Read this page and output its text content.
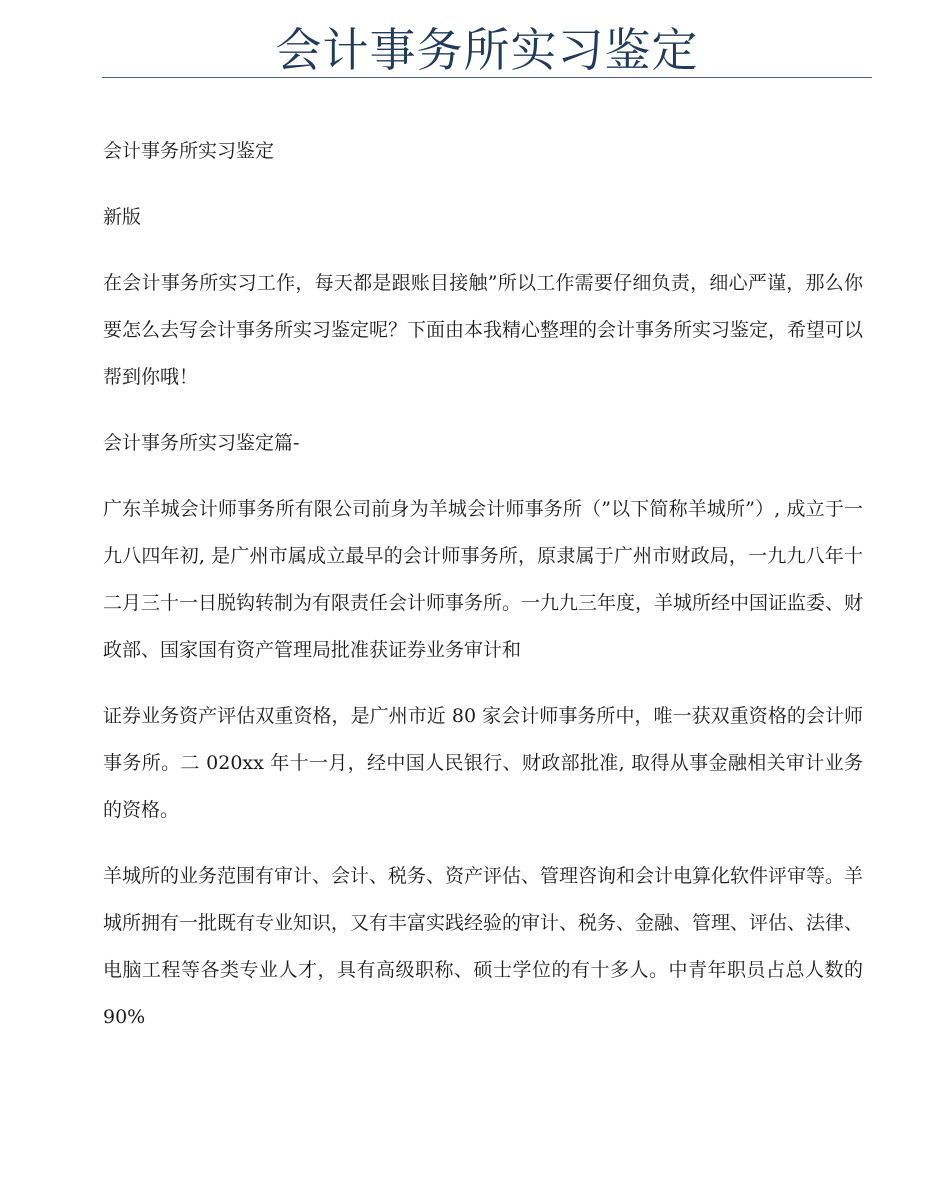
会计事务所实习鉴定

会计事务所实习鉴定

新版

在会计事务所实习工作，每天都是跟账目接触”所以工作需要仔细负责，细心严谨，那么你要怎么去写会计事务所实习鉴定呢？下面由本我精心整理的会计事务所实习鉴定，希望可以帮到你哦！

会计事务所实习鉴定篇-

广东羊城会计师事务所有限公司前身为羊城会计师事务所（”以下简称羊城所”）, 成立于一九八四年初, 是广州市属成立最早的会计师事务所，原隶属于广州市财政局，一九九八年十二月三十一日脱钩转制为有限责任会计师事务所。一九九三年度，羊城所经中国证监委、财政部、国家国有资产管理局批准获证券业务审计和

证券业务资产评估双重资格，是广州市近 80 家会计师事务所中，唯一获双重资格的会计师事务所。二 020xx 年十一月，经中国人民银行、财政部批准, 取得从事金融相关审计业务的资格。

羊城所的业务范围有审计、会计、税务、资产评估、管理咨询和会计电算化软件评审等。羊城所拥有一批既有专业知识，又有丰富实践经验的审计、税务、金融、管理、评估、法律、电脑工程等各类专业人才，具有高级职称、硕士学位的有十多人。中青年职员占总人数的 90%
